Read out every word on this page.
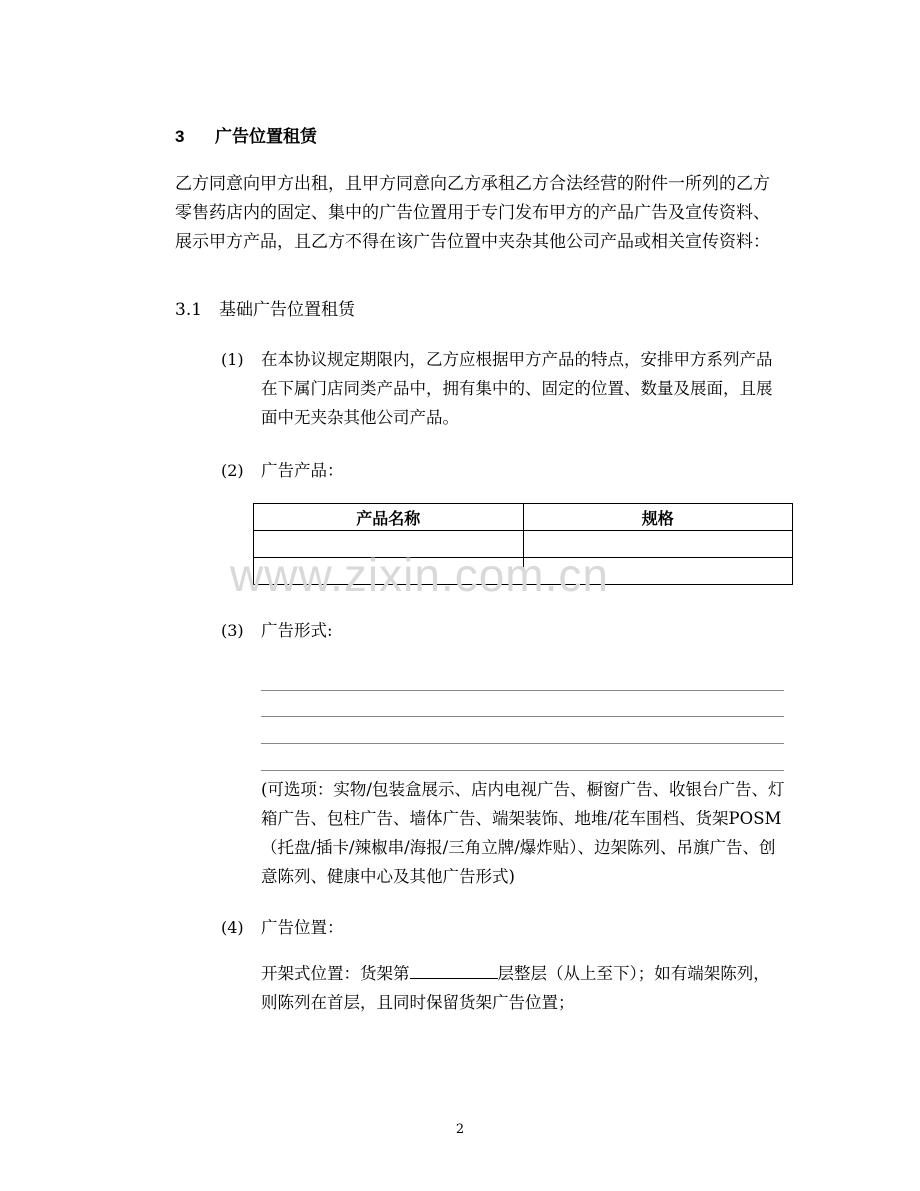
3 广告位置租赁
乙方同意向甲方出租，且甲方同意向乙方承租乙方合法经营的附件一所列的乙方零售药店内的固定、集中的广告位置用于专门发布甲方的产品广告及宣传资料、展示甲方产品，且乙方不得在该广告位置中夹杂其他公司产品或相关宣传资料：
3.1 基础广告位置租赁
(1) 在本协议规定期限内，乙方应根据甲方产品的特点，安排甲方系列产品在下属门店同类产品中，拥有集中的、固定的位置、数量及展面，且展面中无夹杂其他公司产品。
(2) 广告产品：
产品名称	规格

www.zixin.com.cn
(3) 广告形式:
(可选项：实物/包装盒展示、店内电视广告、橱窗广告、收银台广告、灯箱广告、包柱广告、墙体广告、端架装饰、地堆/花车围档、货架POSM（托盘/插卡/辣椒串/海报/三角立牌/爆炸贴）、边架陈列、吊旗广告、创意陈列、健康中心及其他广告形式)
(4) 广告位置：
开架式位置：货架第	层整层（从上至下）；如有端架陈列，则陈列在首层，且同时保留货架广告位置；
2
